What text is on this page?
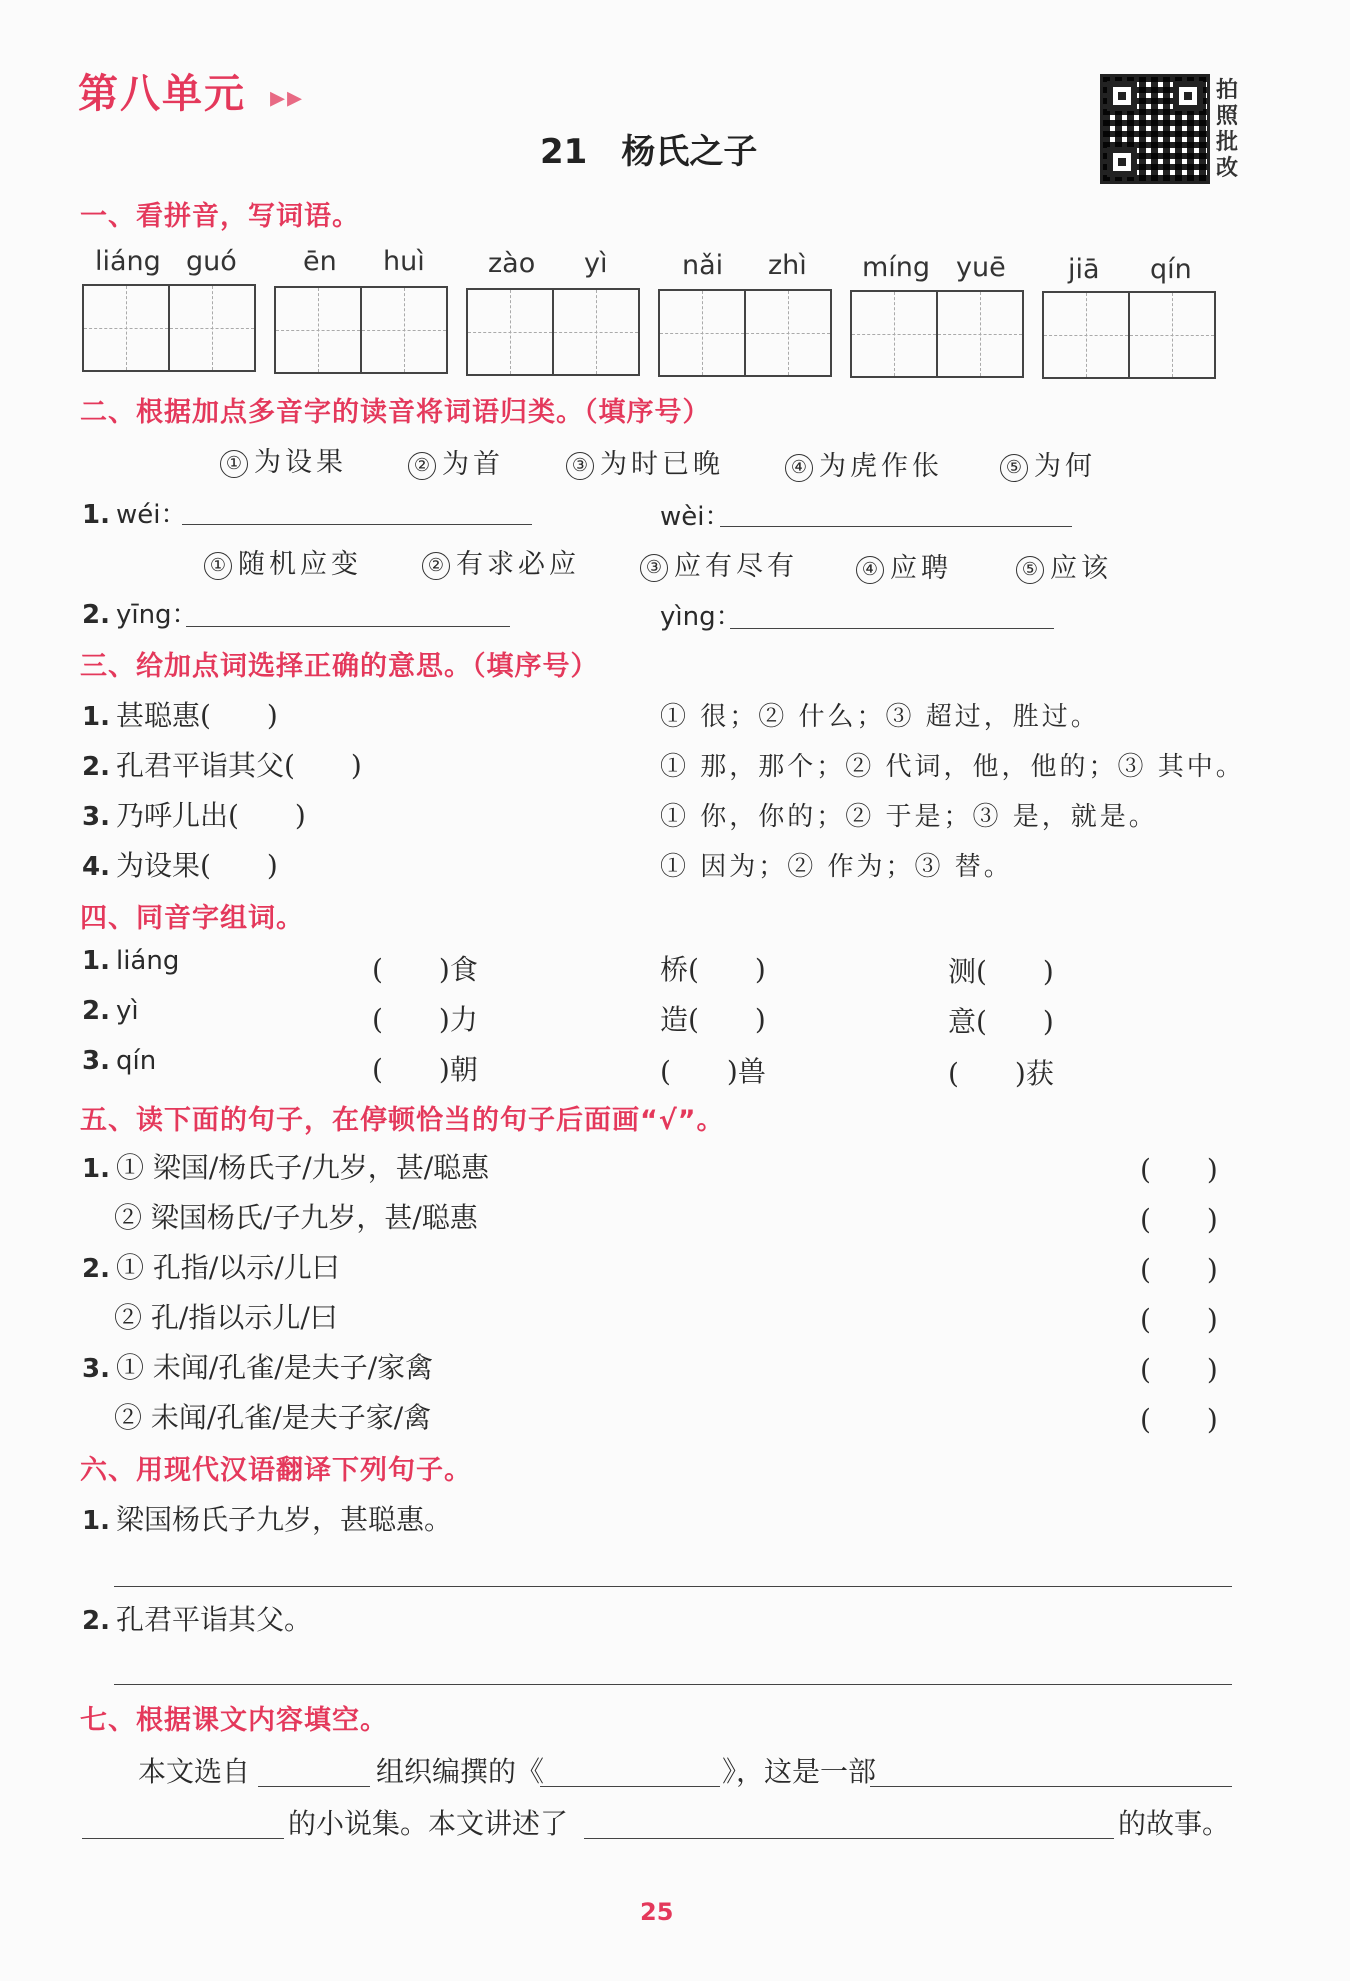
第八单元 ▸▸
21　杨氏之子
拍
照
批
改
一、看拼音，写词语。
liáng guó ēn huì zào yì	nǎi zhì míng yuē jiā qín
二、根据加点多音字的读音将词语归类。（填序号）
① 为设果	② 为首	③ 为时已晚	④ 为虎作伥	⑤ 为何
1. wéi：	wèi：
① 随机应变	② 有求必应	③ 应有尽有	④ 应聘	⑤ 应该
2. yīng：	yìng：
三、给加点词选择正确的意思。（填序号）
1. 甚聪惠(　　)	① 很；② 什么；③ 超过，胜过。
2. 孔君平诣其父(　　)	① 那，那个；② 代词，他，他的；③ 其中。
3. 乃呼儿出(　　)	① 你，你的；② 于是；③ 是，就是。
4. 为设果(　　)	① 因为；② 作为；③ 替。
四、同音字组词。
1. liáng	(　　)食	桥(　　)	测(　　)
2. yì	(　　)力	造(　　)	意(　　)
3. qín	(　　)朝	(　　)兽	(　　)获
五、读下面的句子，在停顿恰当的句子后面画“√”。
1. ① 梁国/杨氏子/九岁，甚/聪惠	(　　)
② 梁国杨氏/子九岁，甚/聪惠	(　　)
2. ① 孔指/以示/儿曰	(　　)
② 孔/指以示儿/曰	(　　)
3. ① 未闻/孔雀/是夫子/家禽	(　　)
② 未闻/孔雀/是夫子家/禽	(　　)
六、用现代汉语翻译下列句子。
1. 梁国杨氏子九岁，甚聪惠。
2. 孔君平诣其父。
七、根据课文内容填空。
本文选自	组织编撰的《	》，这是一部
的小说集。本文讲述了	的故事。
25
